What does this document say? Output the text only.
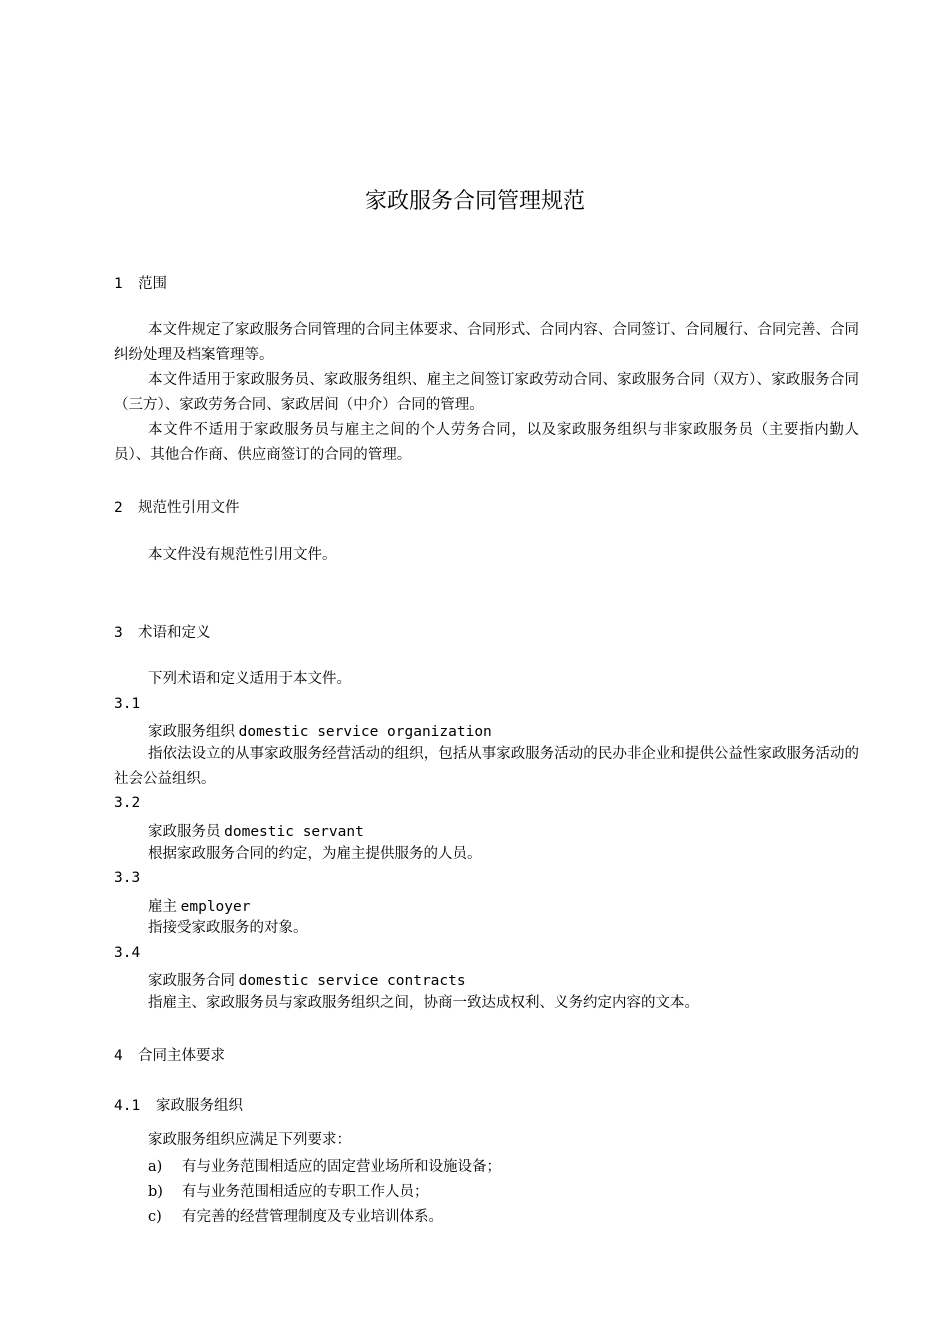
家政服务合同管理规范
1 范围
本文件规定了家政服务合同管理的合同主体要求、合同形式、合同内容、合同签订、合同履行、合同完善、合同纠纷处理及档案管理等。
本文件适用于家政服务员、家政服务组织、雇主之间签订家政劳动合同、家政服务合同（双方）、家政服务合同（三方）、家政劳务合同、家政居间（中介）合同的管理。
本文件不适用于家政服务员与雇主之间的个人劳务合同，以及家政服务组织与非家政服务员（主要指内勤人员）、其他合作商、供应商签订的合同的管理。
2 规范性引用文件
本文件没有规范性引用文件。
3 术语和定义
下列术语和定义适用于本文件。
3.1
家政服务组织 domestic service organization
指依法设立的从事家政服务经营活动的组织，包括从事家政服务活动的民办非企业和提供公益性家政服务活动的社会公益组织。
3.2
家政服务员 domestic servant
根据家政服务合同的约定，为雇主提供服务的人员。
3.3
雇主 employer
指接受家政服务的对象。
3.4
家政服务合同 domestic service contracts
指雇主、家政服务员与家政服务组织之间，协商一致达成权利、义务约定内容的文本。
4 合同主体要求
4.1 家政服务组织
家政服务组织应满足下列要求：
a) 有与业务范围相适应的固定营业场所和设施设备；
b) 有与业务范围相适应的专职工作人员；
c) 有完善的经营管理制度及专业培训体系。
